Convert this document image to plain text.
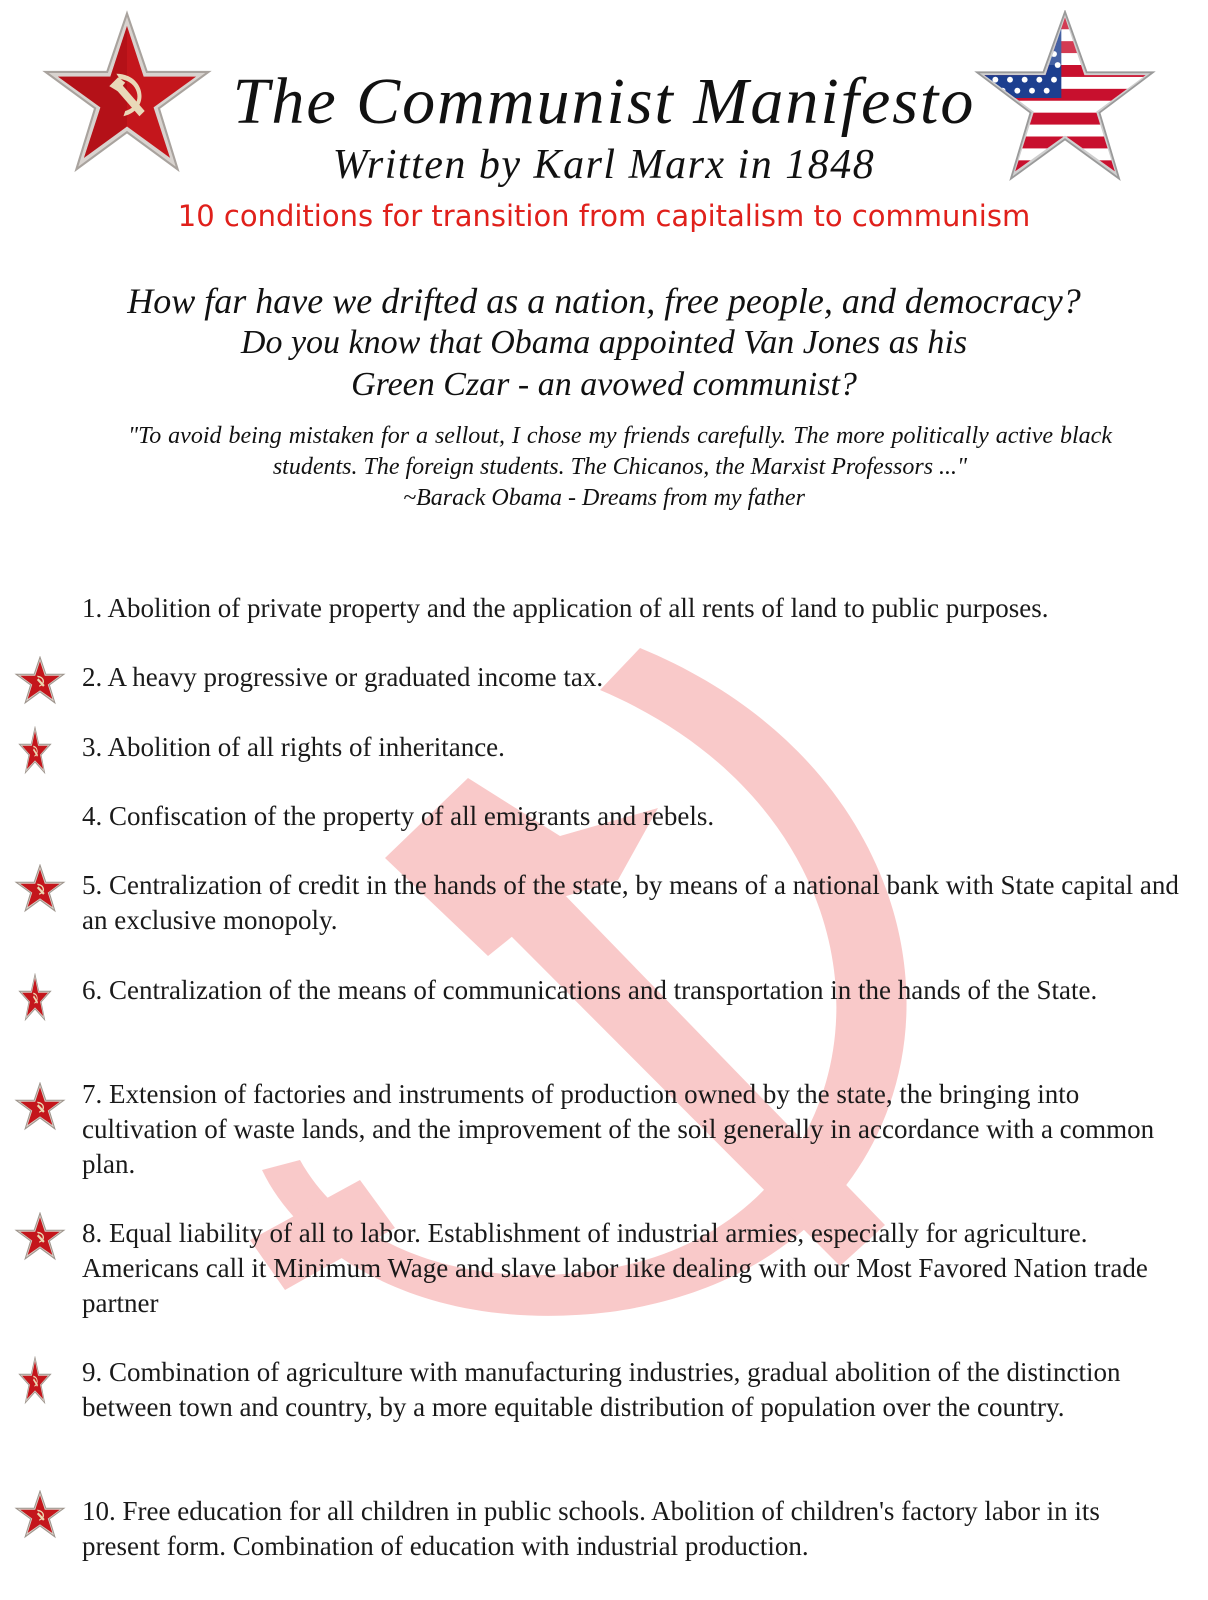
The Communist Manifesto
Written by Karl Marx in 1848
10 conditions for transition from capitalism to communism
How far have we drifted as a nation, free people, and democracy?
Do you know that Obama appointed Van Jones as his
Green Czar - an avowed communist?
"To avoid being mistaken for a sellout, I chose my friends carefully. The more politically active black students. The foreign students. The Chicanos, the Marxist Professors ..."
~Barack Obama - Dreams from my father
1. Abolition of private property and the application of all rents of land to public purposes.
2. A heavy progressive or graduated income tax.
3. Abolition of all rights of inheritance.
4. Confiscation of the property of all emigrants and rebels.
5. Centralization of credit in the hands of the state, by means of a national bank with State capital and an exclusive monopoly.
6. Centralization of the means of communications and transportation in the hands of the State.
7. Extension of factories and instruments of production owned by the state, the bringing into cultivation of waste lands, and the improvement of the soil generally in accordance with a common plan.
8. Equal liability of all to labor. Establishment of industrial armies, especially for agriculture. Americans call it Minimum Wage and slave labor like dealing with our Most Favored Nation trade partner
9. Combination of agriculture with manufacturing industries, gradual abolition of the distinction between town and country, by a more equitable distribution of population over the country.
10. Free education for all children in public schools. Abolition of children's factory labor in its present form. Combination of education with industrial production.
